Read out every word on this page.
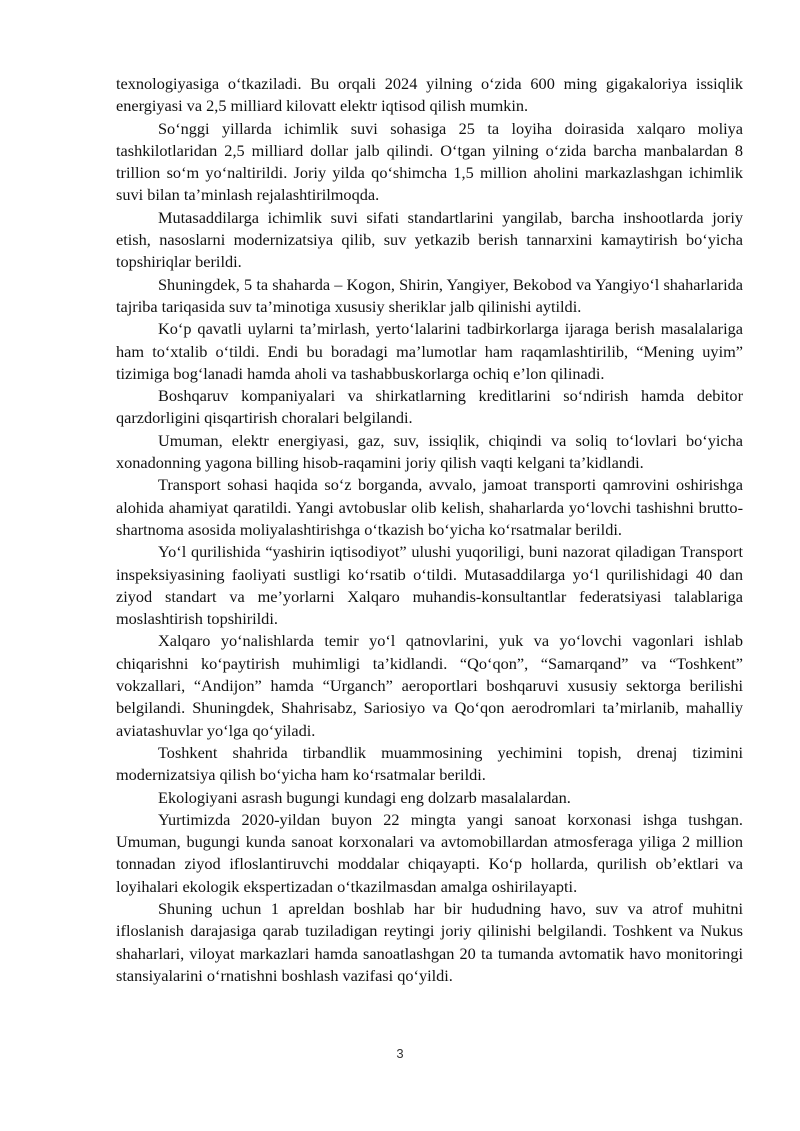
texnologiyasiga o‘tkaziladi. Bu orqali 2024 yilning o‘zida 600 ming gigakaloriya issiqlik energiyasi va 2,5 milliard kilovatt elektr iqtisod qilish mumkin.

So‘nggi yillarda ichimlik suvi sohasiga 25 ta loyiha doirasida xalqaro moliya tashkilotlaridan 2,5 milliard dollar jalb qilindi. O‘tgan yilning o‘zida barcha manbalardan 8 trillion so‘m yo‘naltirildi. Joriy yilda qo‘shimcha 1,5 million aholini markazlashgan ichimlik suvi bilan ta’minlash rejalashtirilmoqda.

Mutasaddilarga ichimlik suvi sifati standartlarini yangilab, barcha inshootlarda joriy etish, nasoslarni modernizatsiya qilib, suv yetkazib berish tannarxini kamaytirish bo‘yicha topshiriqlar berildi.

Shuningdek, 5 ta shaharda – Kogon, Shirin, Yangiyer, Bekobod va Yangiyo‘l shaharlarida tajriba tariqasida suv ta’minotiga xususiy sheriklar jalb qilinishi aytildi.

Ko‘p qavatli uylarni ta’mirlash, yerto‘lalarini tadbirkorlarga ijaraga berish masalalariga ham to‘xtalib o‘tildi. Endi bu boradagi ma’lumotlar ham raqamlashtirilib, “Mening uyim” tizimiga bog‘lanadi hamda aholi va tashabbuskorlarga ochiq e’lon qilinadi.

Boshqaruv kompaniyalari va shirkatlarning kreditlarini so‘ndirish hamda debitor qarzdorligini qisqartirish choralari belgilandi.

Umuman, elektr energiyasi, gaz, suv, issiqlik, chiqindi va soliq to‘lovlari bo‘yicha xonadonning yagona billing hisob-raqamini joriy qilish vaqti kelgani ta’kidlandi.

Transport sohasi haqida so‘z borganda, avvalo, jamoat transporti qamrovini oshirishga alohida ahamiyat qaratildi. Yangi avtobuslar olib kelish, shaharlarda yo‘lovchi tashishni brutto-shartnoma asosida moliyalashtirishga o‘tkazish bo‘yicha ko‘rsatmalar berildi.

Yo‘l qurilishida “yashirin iqtisodiyot” ulushi yuqoriligi, buni nazorat qiladigan Transport inspeksiyasining faoliyati sustligi ko‘rsatib o‘tildi. Mutasaddilarga yo‘l qurilishidagi 40 dan ziyod standart va me’yorlarni Xalqaro muhandis-konsultantlar federatsiyasi talablariga moslashtirish topshirildi.

Xalqaro yo‘nalishlarda temir yo‘l qatnovlarini, yuk va yo‘lovchi vagonlari ishlab chiqarishni ko‘paytirish muhimligi ta’kidlandi. “Qo‘qon”, “Samarqand” va “Toshkent” vokzallari, “Andijon” hamda “Urganch” aeroportlari boshqaruvi xususiy sektorga berilishi belgilandi. Shuningdek, Shahrisabz, Sariosiyo va Qo‘qon aerodromlari ta’mirlanib, mahalliy aviatashuvlar yo‘lga qo‘yiladi.

Toshkent shahrida tirbandlik muammosining yechimini topish, drenaj tizimini modernizatsiya qilish bo‘yicha ham ko‘rsatmalar berildi.

Ekologiyani asrash bugungi kundagi eng dolzarb masalalardan.

Yurtimizda 2020-yildan buyon 22 mingta yangi sanoat korxonasi ishga tushgan. Umuman, bugungi kunda sanoat korxonalari va avtomobillardan atmosferaga yiliga 2 million tonnadan ziyod ifloslantiruvchi moddalar chiqayapti. Ko‘p hollarda, qurilish ob’ektlari va loyihalari ekologik ekspertizadan o‘tkazilmasdan amalga oshirilayapti.

Shuning uchun 1 apreldan boshlab har bir hududning havo, suv va atrof muhitni ifloslanish darajasiga qarab tuziladigan reytingi joriy qilinishi belgilandi. Toshkent va Nukus shaharlari, viloyat markazlari hamda sanoatlashgan 20 ta tumanda avtomatik havo monitoringi stansiyalarini o‘rnatishni boshlash vazifasi qo‘yildi.

3
